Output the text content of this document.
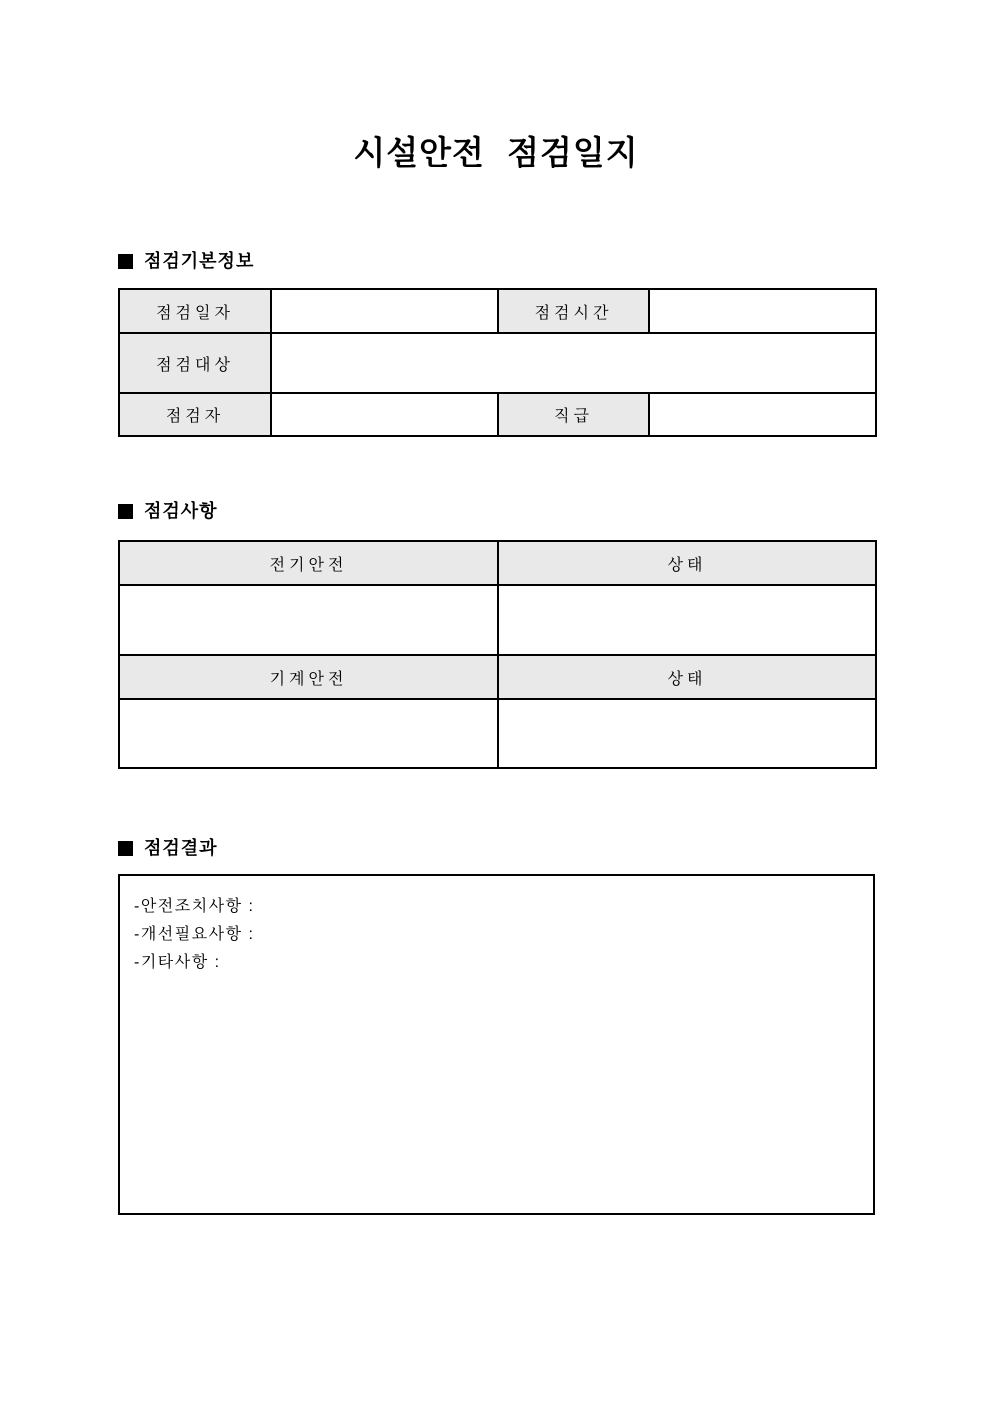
시설안전 점검일지
점검기본정보
점검일자		점검시간	
점검대상			
점검자		직급	
점검사항
전기안전	상태

기계안전	상태

점검결과
-안전조치사항 :
-개선필요사항 :
-기타사항 :
